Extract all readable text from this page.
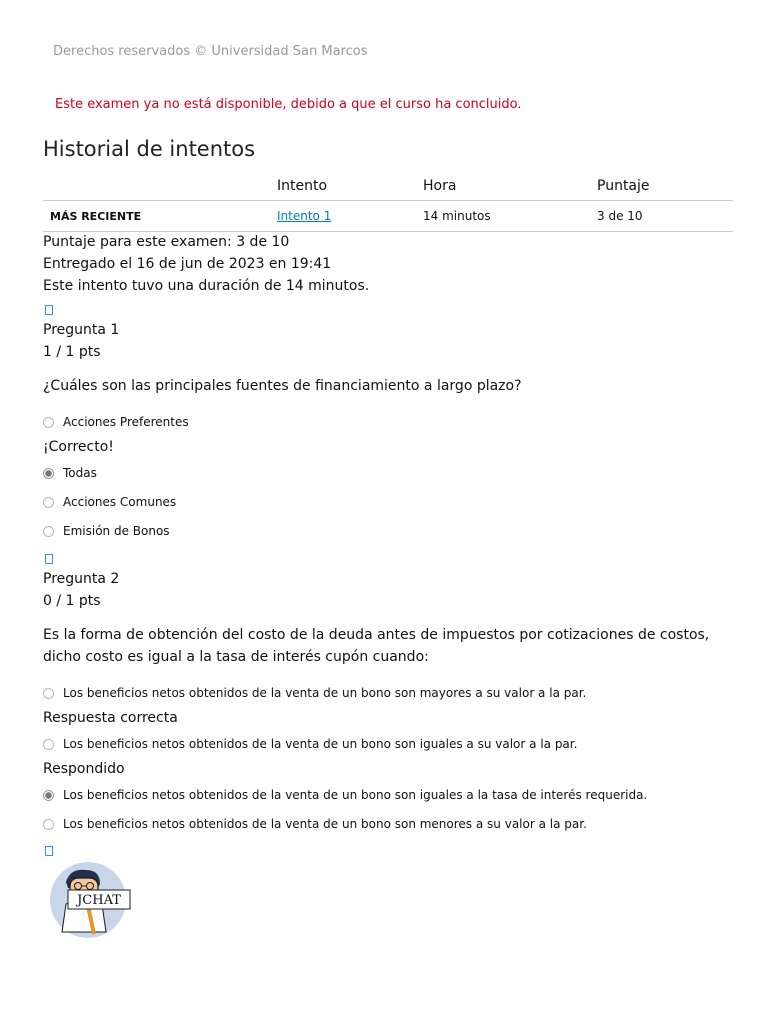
Derechos reservados © Universidad San Marcos
Este examen ya no está disponible, debido a que el curso ha concluido.
Historial de intentos
	Intento	Hora	Puntaje
MÁS RECIENTE	Intento 1	14 minutos	3 de 10
Puntaje para este examen: 3 de 10
Entregado el 16 de jun de 2023 en 19:41
Este intento tuvo una duración de 14 minutos.
Pregunta 1
1 / 1 pts
¿Cuáles son las principales fuentes de financiamiento a largo plazo?
Acciones Preferentes
¡Correcto!
Todas
Acciones Comunes
Emisión de Bonos
Pregunta 2
0 / 1 pts
Es la forma de obtención del costo de la deuda antes de impuestos por cotizaciones de costos, dicho costo es igual a la tasa de interés cupón cuando:
Los beneficios netos obtenidos de la venta de un bono son mayores a su valor a la par.
Respuesta correcta
Los beneficios netos obtenidos de la venta de un bono son iguales a su valor a la par.
Respondido
Los beneficios netos obtenidos de la venta de un bono son iguales a la tasa de interés requerida.
Los beneficios netos obtenidos de la venta de un bono son menores a su valor a la par.
JCHAT
